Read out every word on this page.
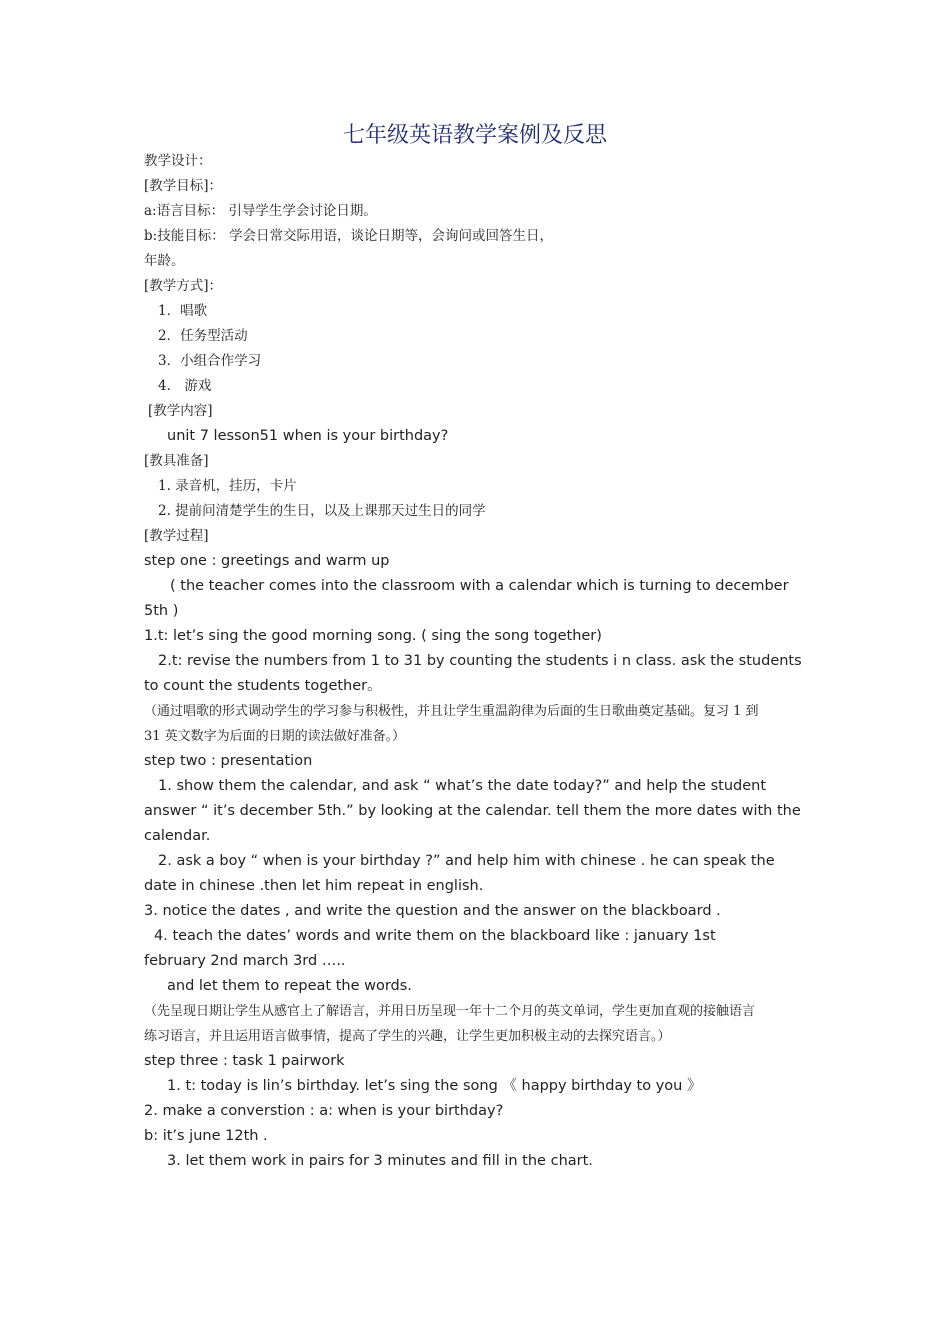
七年级英语教学案例及反思
教学设计：
[教学目标]：
a:语言目标： 引导学生学会讨论日期。
b:技能目标： 学会日常交际用语，谈论日期等，会询问或回答生日，
年龄。
[教学方式]：
1．唱歌
2．任务型活动
3．小组合作学习
4． 游戏
[教学内容]
unit 7 lesson51 when is your birthday?
[教具准备]
1. 录音机，挂历，卡片
2. 提前问清楚学生的生日，以及上课那天过生日的同学
[教学过程]
step one : greetings and warm up
( the teacher comes into the classroom with a calendar which is turning to december
5th )
1.t: let’s sing the good morning song. ( sing the song together)
2.t: revise the numbers from 1 to 31 by counting the students i n class. ask the students
to count the students together。
（通过唱歌的形式调动学生的学习参与积极性，并且让学生重温韵律为后面的生日歌曲奠定基础。复习 1 到
31 英文数字为后面的日期的读法做好准备。）
step two : presentation
1. show them the calendar, and ask “ what’s the date today?” and help the student
answer “ it’s december 5th.” by looking at the calendar. tell them the more dates with the
calendar.
2. ask a boy “ when is your birthday ?” and help him with chinese . he can speak the
date in chinese .then let him repeat in english.
3. notice the dates , and write the question and the answer on the blackboard .
4. teach the dates’ words and write them on the blackboard like : january 1st
february 2nd march 3rd …..
and let them to repeat the words.
（先呈现日期让学生从感官上了解语言，并用日历呈现一年十二个月的英文单词，学生更加直观的接触语言
练习语言，并且运用语言做事情，提高了学生的兴趣，让学生更加积极主动的去探究语言。）
step three : task 1 pairwork
1. t: today is lin’s birthday. let’s sing the song 《 happy birthday to you 》
2. make a converstion : a: when is your birthday?
b: it’s june 12th .
3. let them work in pairs for 3 minutes and fill in the chart.
